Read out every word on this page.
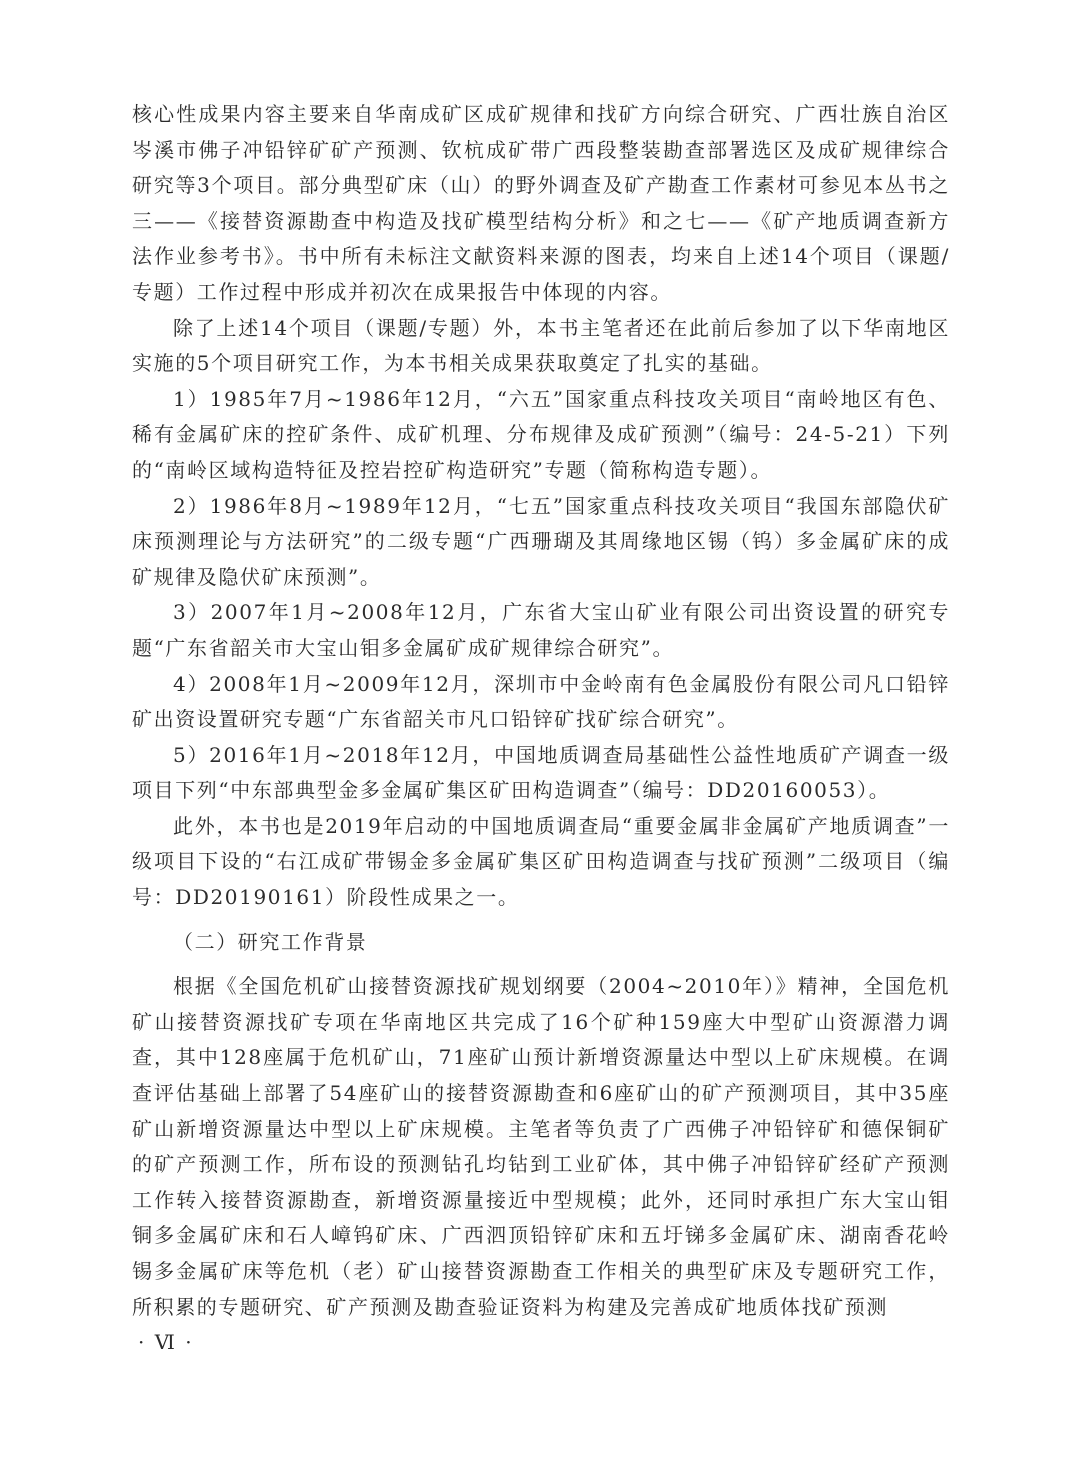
核心性成果内容主要来自华南成矿区成矿规律和找矿方向综合研究、广西壮族自治区岑溪市佛子冲铅锌矿矿产预测、钦杭成矿带广西段整装勘查部署选区及成矿规律综合研究等3个项目。部分典型矿床（山）的野外调查及矿产勘查工作素材可参见本丛书之三——《接替资源勘查中构造及找矿模型结构分析》和之七——《矿产地质调查新方法作业参考书》。书中所有未标注文献资料来源的图表，均来自上述14个项目（课题/专题）工作过程中形成并初次在成果报告中体现的内容。

除了上述14个项目（课题/专题）外，本书主笔者还在此前后参加了以下华南地区实施的5个项目研究工作，为本书相关成果获取奠定了扎实的基础。

1）1985年7月~1986年12月，“六五”国家重点科技攻关项目“南岭地区有色、稀有金属矿床的控矿条件、成矿机理、分布规律及成矿预测”（编号：24-5-21）下列的“南岭区域构造特征及控岩控矿构造研究”专题（简称构造专题）。

2）1986年8月~1989年12月，“七五”国家重点科技攻关项目“我国东部隐伏矿床预测理论与方法研究”的二级专题“广西珊瑚及其周缘地区锡（钨）多金属矿床的成矿规律及隐伏矿床预测”。

3）2007年1月~2008年12月，广东省大宝山矿业有限公司出资设置的研究专题“广东省韶关市大宝山钼多金属矿成矿规律综合研究”。

4）2008年1月~2009年12月，深圳市中金岭南有色金属股份有限公司凡口铅锌矿出资设置研究专题“广东省韶关市凡口铅锌矿找矿综合研究”。

5）2016年1月~2018年12月，中国地质调查局基础性公益性地质矿产调查一级项目下列“中东部典型金多金属矿集区矿田构造调查”（编号：DD20160053）。

此外，本书也是2019年启动的中国地质调查局“重要金属非金属矿产地质调查”一级项目下设的“右江成矿带锡金多金属矿集区矿田构造调查与找矿预测”二级项目（编号：DD20190161）阶段性成果之一。

（二）研究工作背景

根据《全国危机矿山接替资源找矿规划纲要（2004~2010年）》精神，全国危机矿山接替资源找矿专项在华南地区共完成了16个矿种159座大中型矿山资源潜力调查，其中128座属于危机矿山，71座矿山预计新增资源量达中型以上矿床规模。在调查评估基础上部署了54座矿山的接替资源勘查和6座矿山的矿产预测项目，其中35座矿山新增资源量达中型以上矿床规模。主笔者等负责了广西佛子冲铅锌矿和德保铜矿的矿产预测工作，所布设的预测钻孔均钻到工业矿体，其中佛子冲铅锌矿经矿产预测工作转入接替资源勘查，新增资源量接近中型规模；此外，还同时承担广东大宝山钼铜多金属矿床和石人嶂钨矿床、广西泗顶铅锌矿床和五圩锑多金属矿床、湖南香花岭锡多金属矿床等危机（老）矿山接替资源勘查工作相关的典型矿床及专题研究工作，所积累的专题研究、矿产预测及勘查验证资料为构建及完善成矿地质体找矿预测

· Ⅵ ·
